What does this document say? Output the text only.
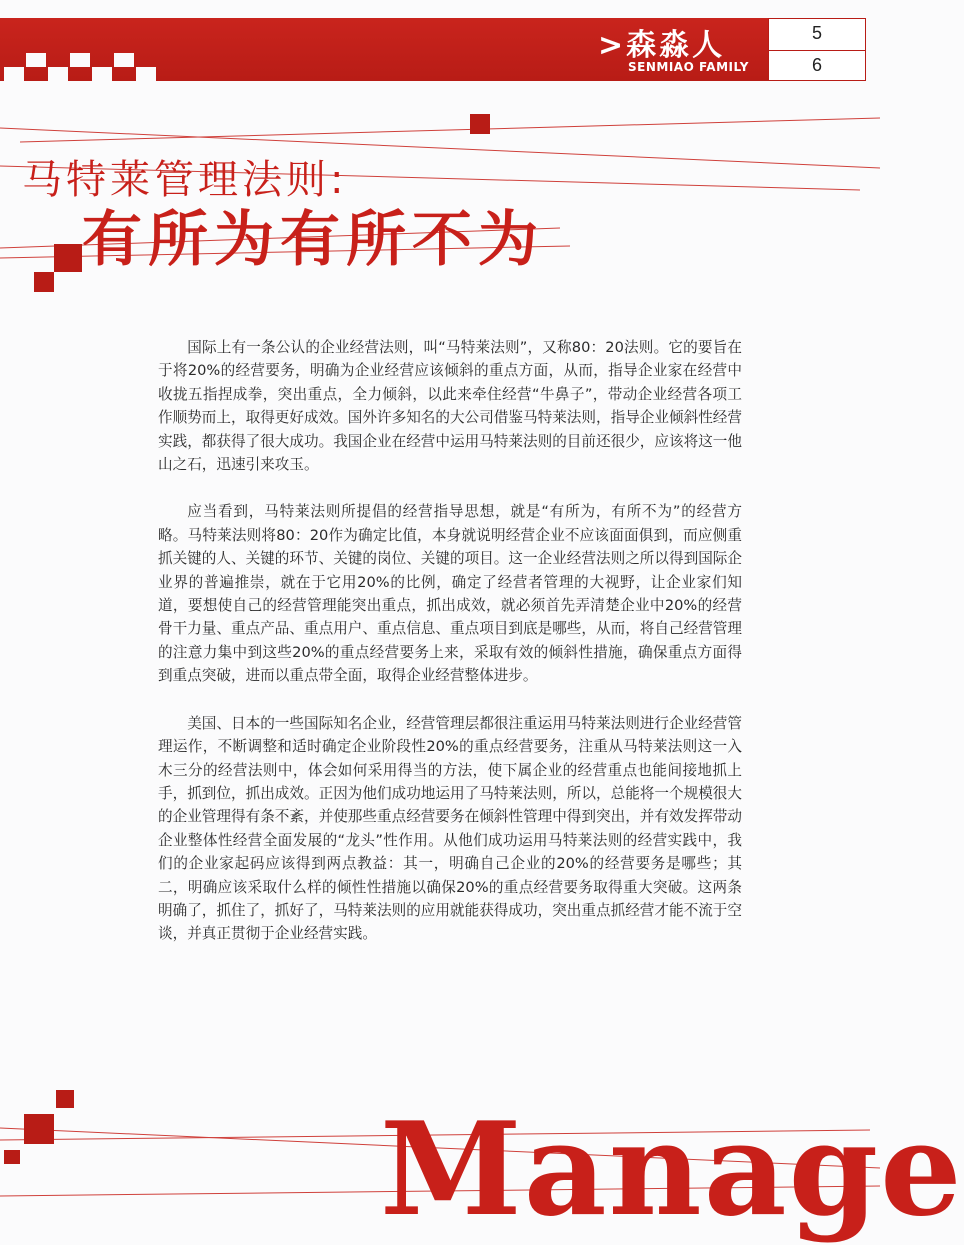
>森淼人
SENMIAO FAMILY
5
6
马特莱管理法则:
有所为有所不为

国际上有一条公认的企业经营法则，叫“马特莱法则”，又称80：20法则。它的要旨在于将20%的经营要务，明确为企业经营应该倾斜的重点方面，从而，指导企业家在经营中收拢五指捏成拳，突出重点，全力倾斜，以此来牵住经营“牛鼻子”，带动企业经营各项工作顺势而上，取得更好成效。国外许多知名的大公司借鉴马特莱法则，指导企业倾斜性经营实践，都获得了很大成功。我国企业在经营中运用马特莱法则的目前还很少，应该将这一他山之石，迅速引来攻玉。

应当看到，马特莱法则所提倡的经营指导思想，就是“有所为，有所不为”的经营方略。马特莱法则将80：20作为确定比值，本身就说明经营企业不应该面面俱到，而应侧重抓关键的人、关键的环节、关键的岗位、关键的项目。这一企业经营法则之所以得到国际企业界的普遍推崇，就在于它用20%的比例，确定了经营者管理的大视野，让企业家们知道，要想使自己的经营管理能突出重点，抓出成效，就必须首先弄清楚企业中20%的经营骨干力量、重点产品、重点用户、重点信息、重点项目到底是哪些，从而，将自己经营管理的注意力集中到这些20%的重点经营要务上来，采取有效的倾斜性措施，确保重点方面得到重点突破，进而以重点带全面，取得企业经营整体进步。

美国、日本的一些国际知名企业，经营管理层都很注重运用马特莱法则进行企业经营管理运作，不断调整和适时确定企业阶段性20%的重点经营要务，注重从马特莱法则这一入木三分的经营法则中，体会如何采用得当的方法，使下属企业的经营重点也能间接地抓上手，抓到位，抓出成效。正因为他们成功地运用了马特莱法则，所以，总能将一个规模很大的企业管理得有条不紊，并使那些重点经营要务在倾斜性管理中得到突出，并有效发挥带动企业整体性经营全面发展的“龙头”性作用。从他们成功运用马特莱法则的经营实践中，我们的企业家起码应该得到两点教益：其一，明确自己企业的20%的经营要务是哪些；其二，明确应该采取什么样的倾性性措施以确保20%的重点经营要务取得重大突破。这两条明确了，抓住了，抓好了，马特莱法则的应用就能获得成功，突出重点抓经营才能不流于空谈，并真正贯彻于企业经营实践。

Manage
